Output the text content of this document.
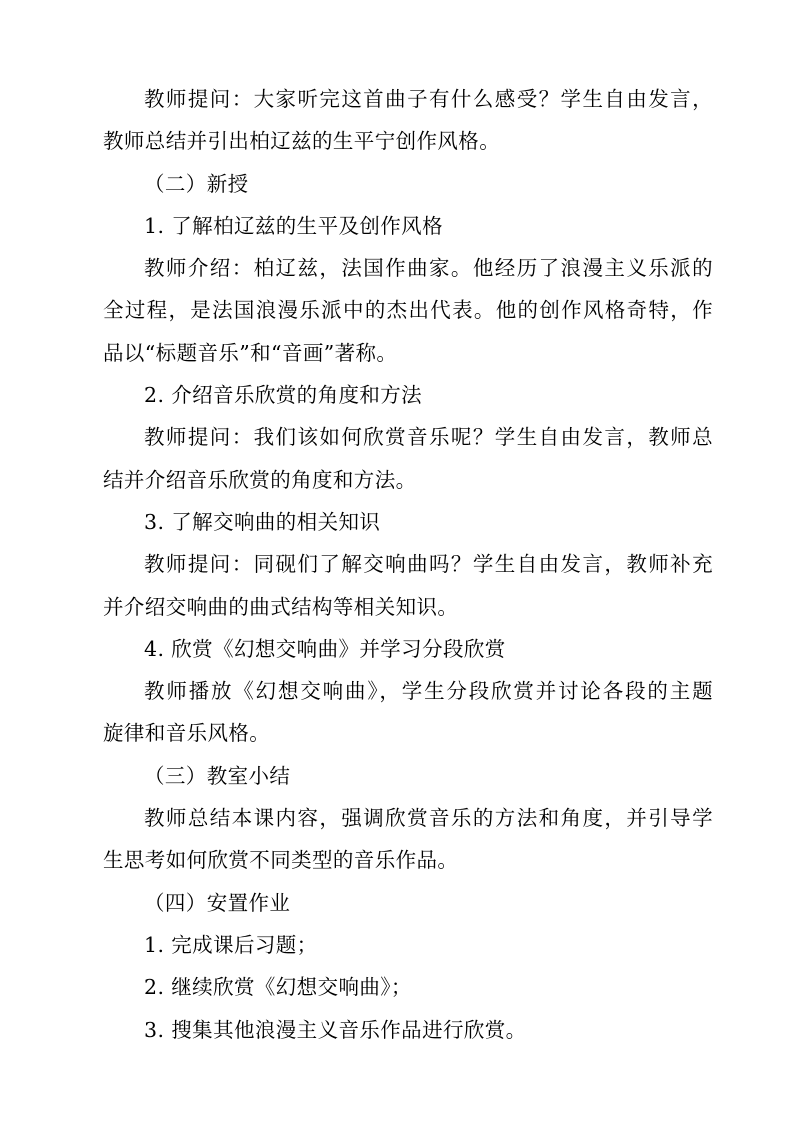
教师提问：大家听完这首曲子有什么感受？学生自由发言，
教师总结并引出柏辽兹的生平宁创作风格。
（二）新授
1. 了解柏辽兹的生平及创作风格
教师介绍：柏辽兹，法国作曲家。他经历了浪漫主义乐派的
全过程，是法国浪漫乐派中的杰出代表。他的创作风格奇特，作
品以“标题音乐”和“音画”著称。
2. 介绍音乐欣赏的角度和方法
教师提问：我们该如何欣赏音乐呢？学生自由发言，教师总
结并介绍音乐欣赏的角度和方法。
3. 了解交响曲的相关知识
教师提问：同砚们了解交响曲吗？学生自由发言，教师补充
并介绍交响曲的曲式结构等相关知识。
4. 欣赏《幻想交响曲》并学习分段欣赏
教师播放《幻想交响曲》，学生分段欣赏并讨论各段的主题
旋律和音乐风格。
（三）教室小结
教师总结本课内容，强调欣赏音乐的方法和角度，并引导学
生思考如何欣赏不同类型的音乐作品。
（四）安置作业
1. 完成课后习题；
2. 继续欣赏《幻想交响曲》；
3. 搜集其他浪漫主义音乐作品进行欣赏。
